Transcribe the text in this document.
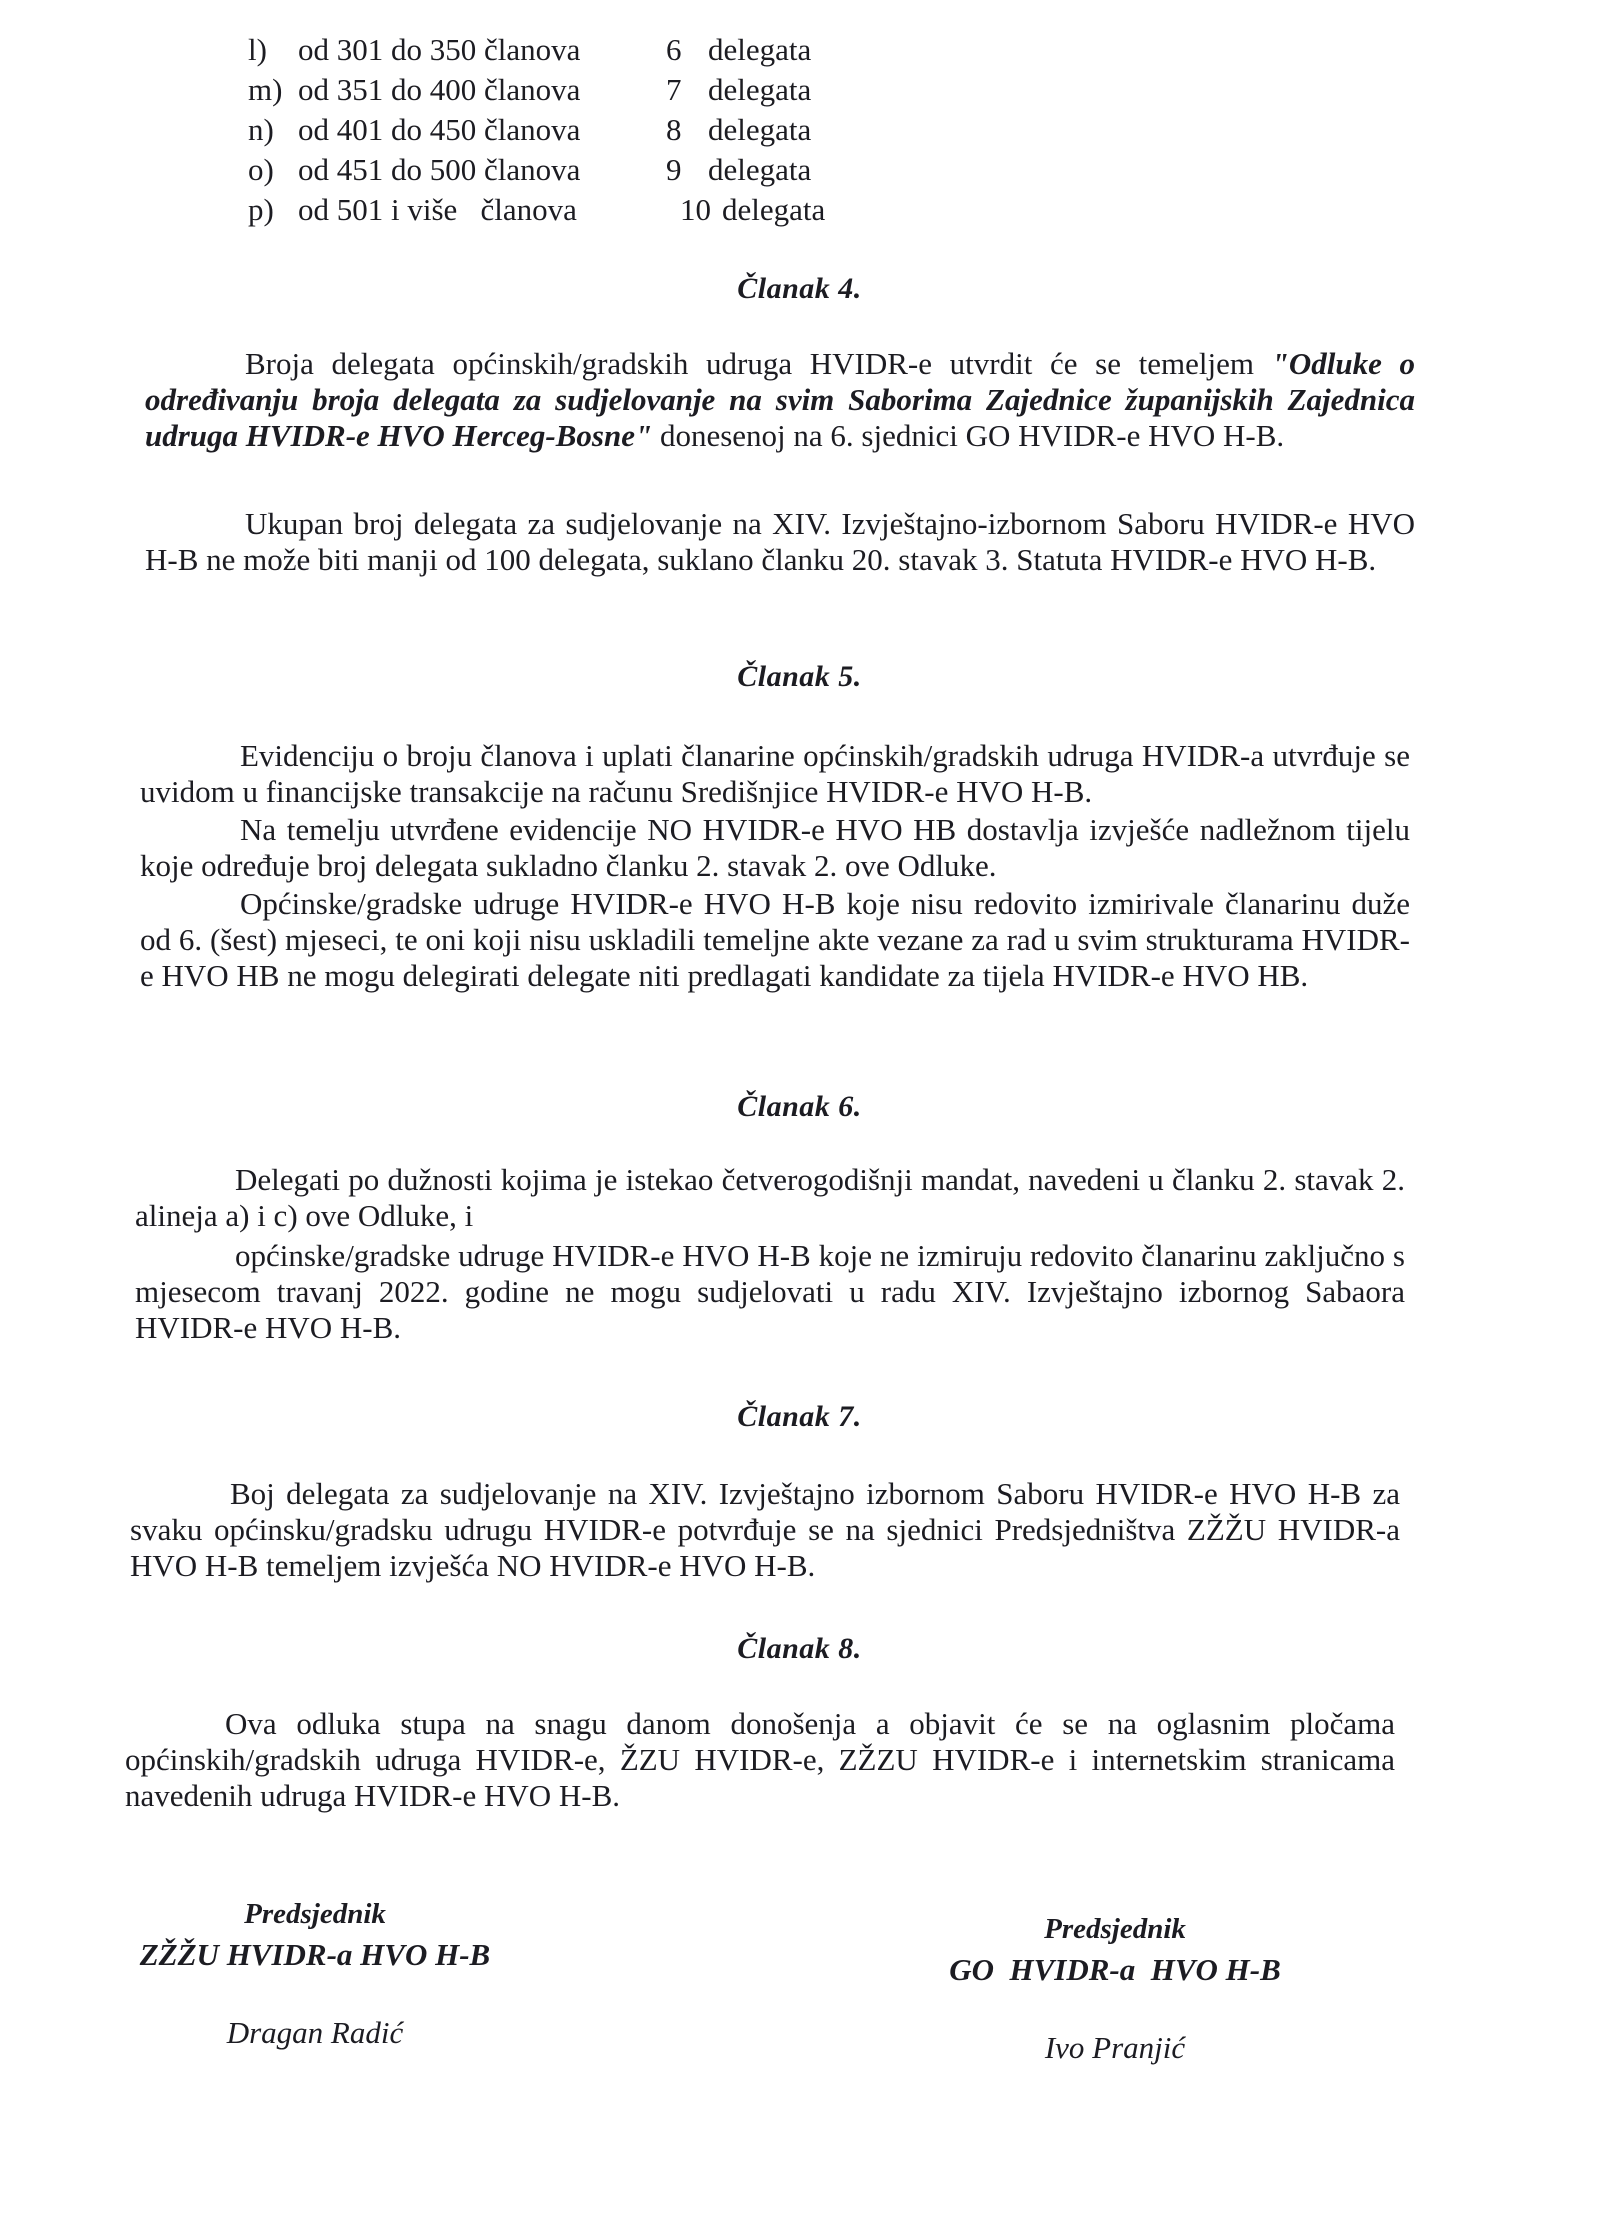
l)	od 301 do 350 članova	6 delegata
m) od 351 do 400 članova	7 delegata
n) od 401 do 450 članova	8 delegata
o) od 451 do 500 članova	9 delegata
p) od 501 i više   članova	10 delegata
Članak 4.
Broja delegata općinskih/gradskih udruga HVIDR-e utvrdit će se temeljem "Odluke o određivanju broja delegata za sudjelovanje na svim Saborima Zajednice županijskih Zajednica udruga HVIDR-e HVO Herceg-Bosne" donesenoj na 6. sjednici GO HVIDR-e HVO H-B.
Ukupan broj delegata za sudjelovanje na XIV. Izvještajno-izbornom Saboru HVIDR-e HVO H-B ne može biti manji od 100 delegata, suklano članku 20. stavak 3. Statuta HVIDR-e HVO H-B.
Članak 5.
Evidenciju o broju članova i uplati članarine općinskih/gradskih udruga HVIDR-a utvrđuje se uvidom u financijske transakcije na računu Središnjice HVIDR-e HVO H-B.
Na temelju utvrđene evidencije NO HVIDR-e HVO HB dostavlja izvješće nadležnom tijelu koje određuje broj delegata sukladno članku 2. stavak 2. ove Odluke.
Općinske/gradske udruge HVIDR-e HVO H-B koje nisu redovito izmirivale članarinu duže od 6. (šest) mjeseci, te oni koji nisu uskladili temeljne akte vezane za rad u svim strukturama HVIDR-e HVO HB ne mogu delegirati delegate niti predlagati kandidate za tijela HVIDR-e HVO HB.
Članak 6.
Delegati po dužnosti kojima je istekao četverogodišnji mandat, navedeni u članku 2. stavak 2. alineja a) i c) ove Odluke, i
općinske/gradske udruge HVIDR-e HVO H-B koje ne izmiruju redovito članarinu zaključno s mjesecom travanj 2022. godine ne mogu sudjelovati u radu XIV. Izvještajno izbornog Sabaora HVIDR-e HVO H-B.
Članak 7.
Boj delegata za sudjelovanje na XIV. Izvještajno izbornom Saboru HVIDR-e HVO H-B za svaku općinsku/gradsku udrugu HVIDR-e potvrđuje se na sjednici Predsjedništva ZŽŽU HVIDR-a HVO H-B temeljem izvješća NO HVIDR-e HVO H-B.
Članak 8.
Ova odluka stupa na snagu danom donošenja a objavit će se na oglasnim pločama općinskih/gradskih udruga HVIDR-e, ŽZU HVIDR-e, ZŽZU HVIDR-e i internetskim stranicama navedenih udruga HVIDR-e HVO H-B.
Predsjednik
ZŽŽU HVIDR-a HVO H-B
Dragan Radić
Predsjednik
GO  HVIDR-a  HVO H-B
Ivo Pranjić
